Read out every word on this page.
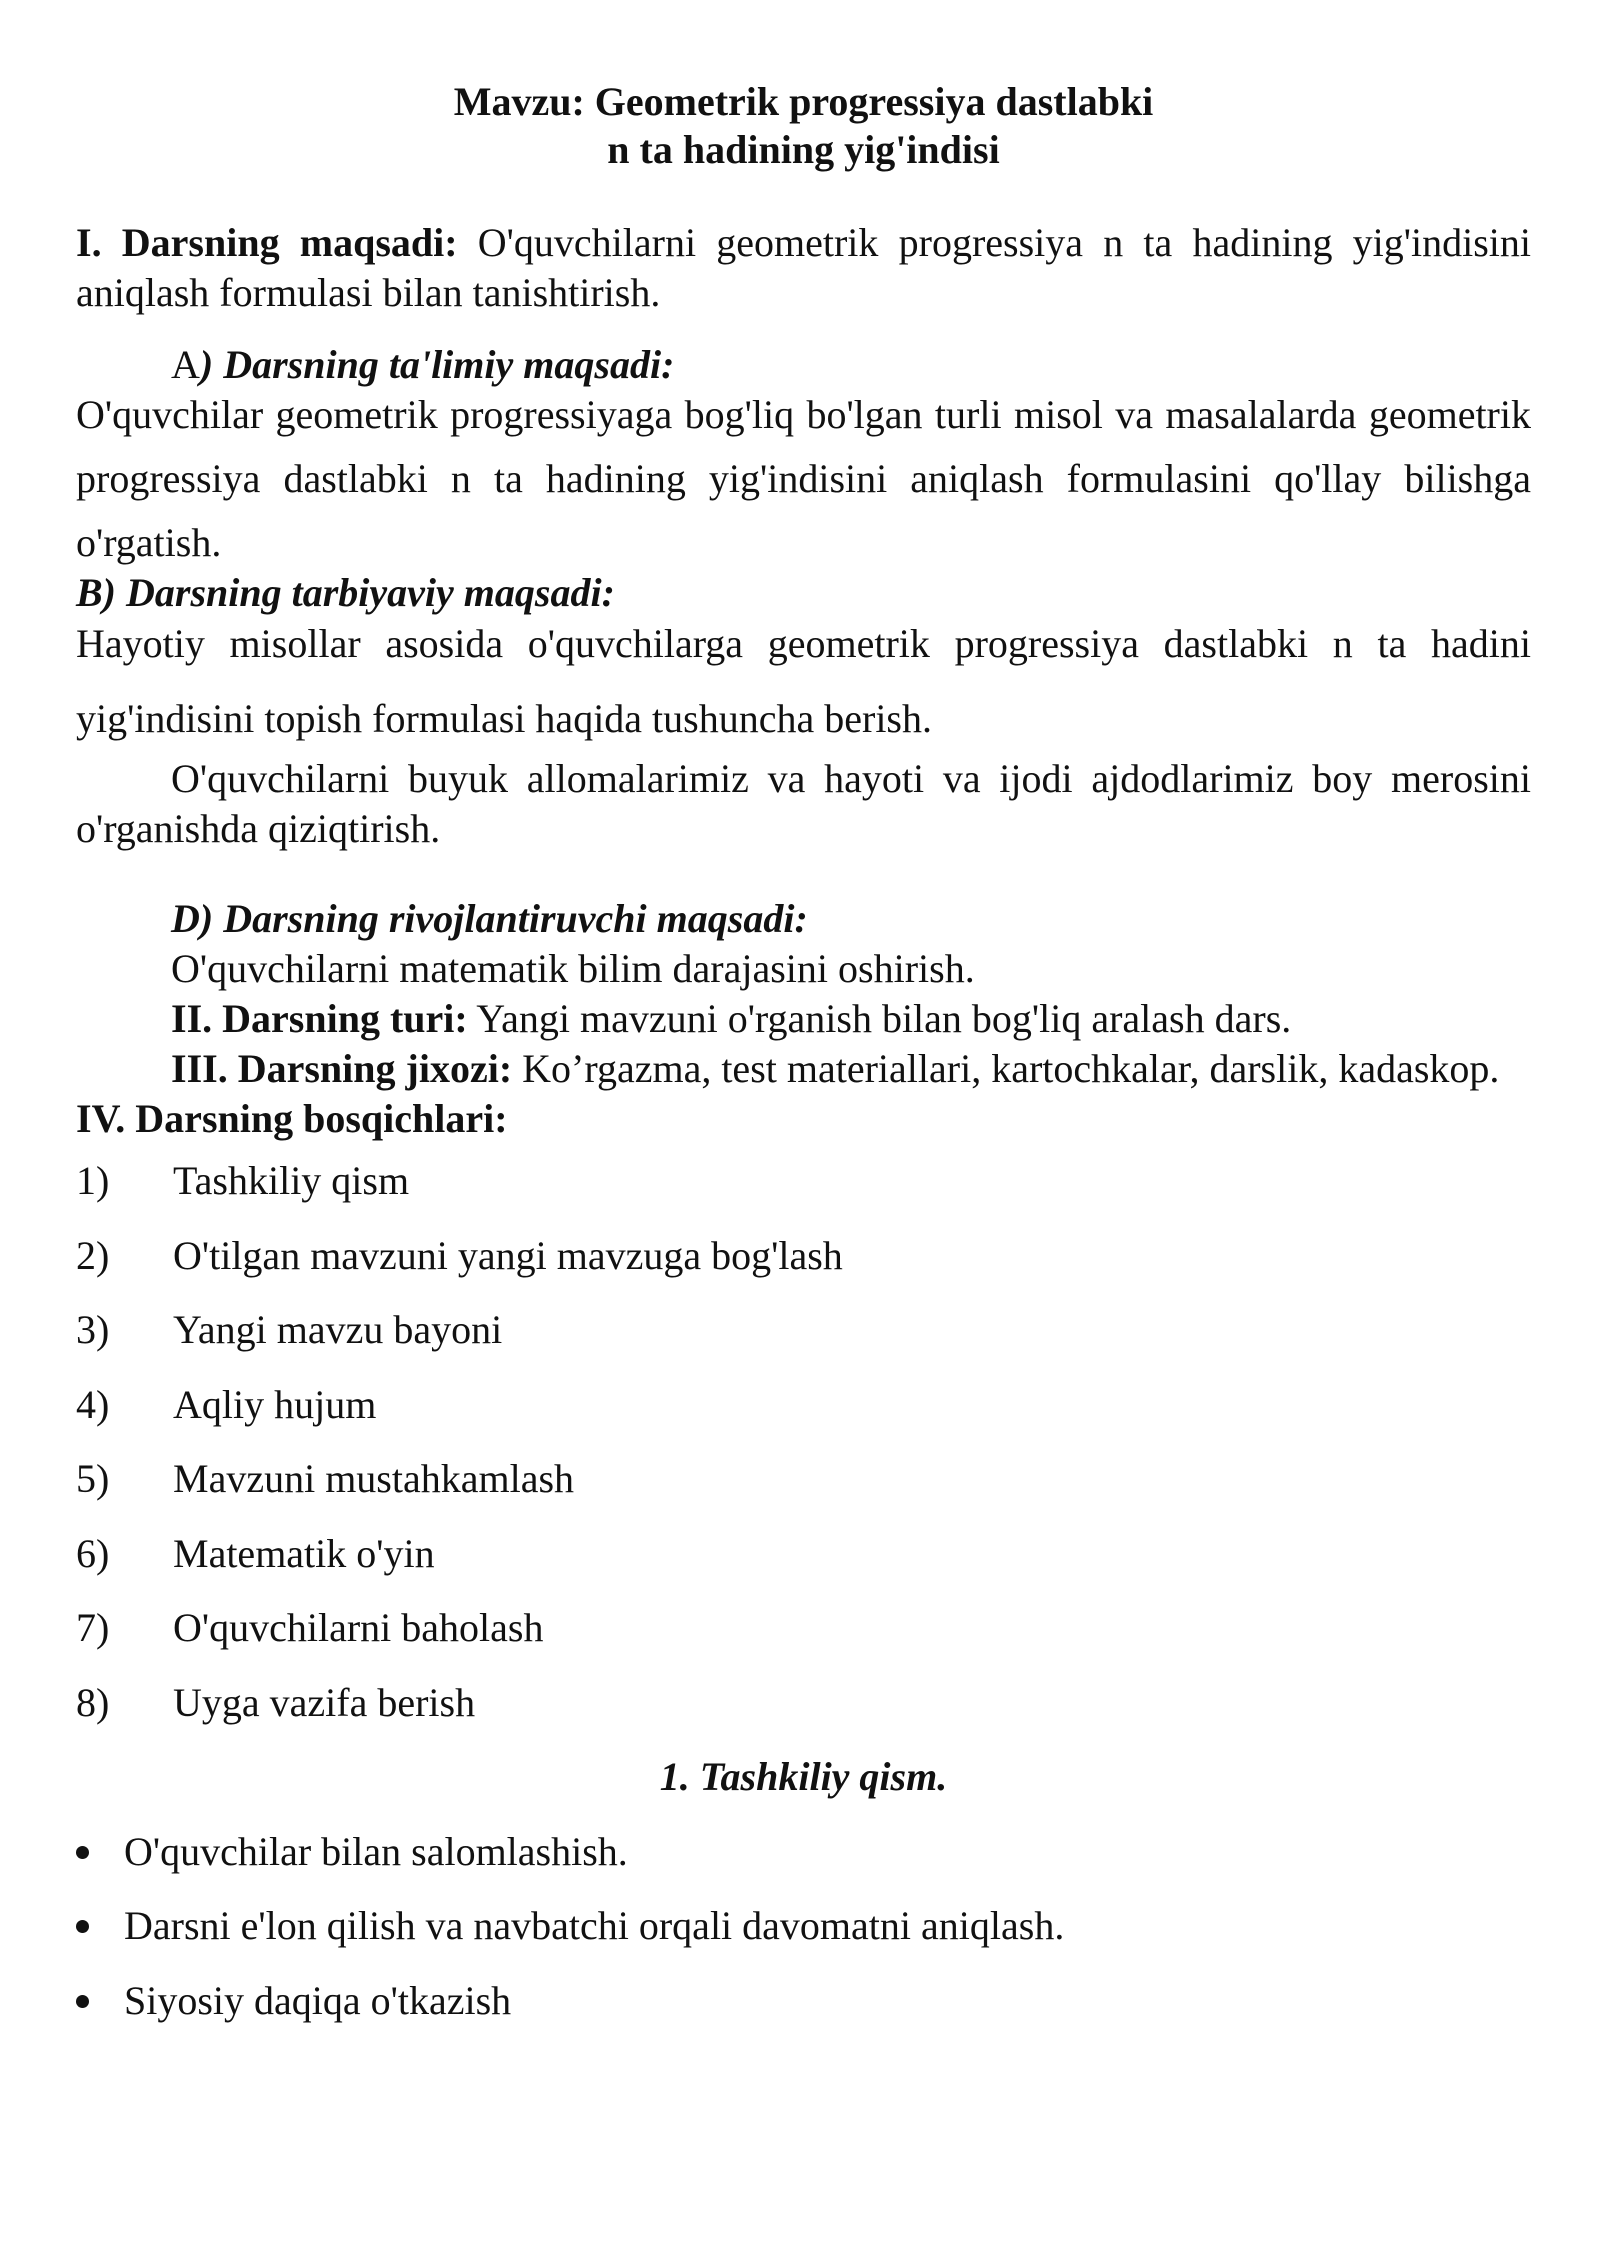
Mavzu: Geometrik progressiya dastlabki

n ta hadining yig'indisi

I. Darsning maqsadi: O'quvchilarni geometrik progressiya n ta hadining yig'indisini aniqlash formulasi bilan tanishtirish.

A) Darsning ta'limiy maqsadi:

O'quvchilar geometrik progressiyaga bog'liq bo'lgan turli misol va masalalarda geometrik progressiya dastlabki n ta hadining yig'indisini aniqlash formulasini qo'llay bilishga o'rgatish.

B) Darsning tarbiyaviy maqsadi:

Hayotiy misollar asosida o'quvchilarga geometrik progressiya dastlabki n ta hadini yig'indisini topish formulasi haqida tushuncha berish.

O'quvchilarni buyuk allomalarimiz va hayoti va ijodi ajdodlarimiz boy merosini o'rganishda qiziqtirish.

D) Darsning rivojlantiruvchi maqsadi:

O'quvchilarni matematik bilim darajasini oshirish.

II. Darsning turi: Yangi mavzuni o'rganish bilan bog'liq aralash dars.

III. Darsning jixozi: Ko’rgazma, test materiallari, kartochkalar, darslik, kadaskop.

IV. Darsning bosqichlari:

1) Tashkiliy qism
2) O'tilgan mavzuni yangi mavzuga bog'lash
3) Yangi mavzu bayoni
4) Aqliy hujum
5) Mavzuni mustahkamlash
6) Matematik o'yin
7) O'quvchilarni baholash
8) Uyga vazifa berish

1. Tashkiliy qism.

O'quvchilar bilan salomlashish.
Darsni e'lon qilish va navbatchi orqali davomatni aniqlash.
Siyosiy daqiqa o'tkazish
